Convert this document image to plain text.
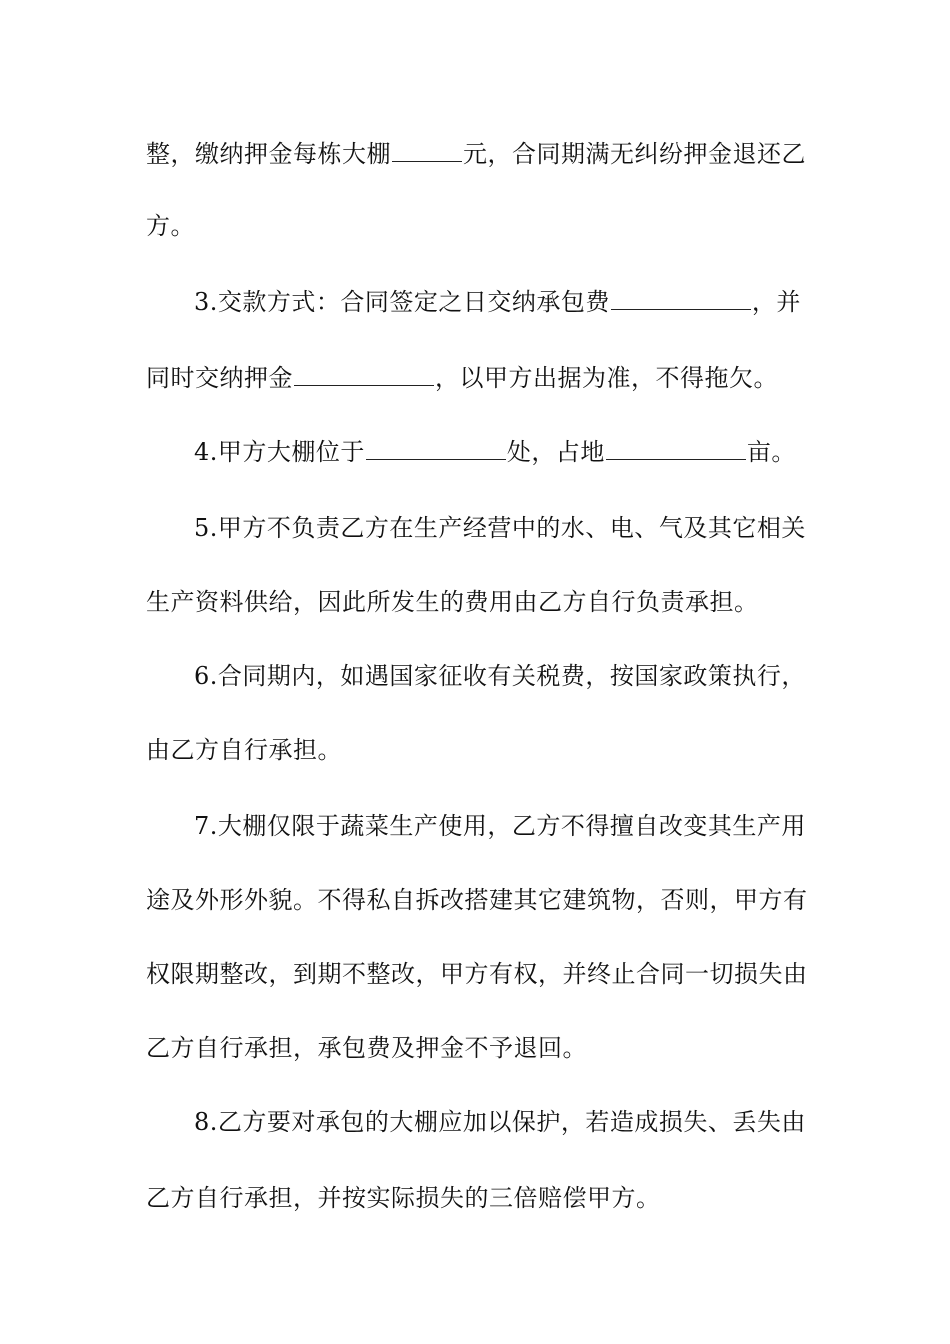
整，缴纳押金每栋大棚	元，合同期满无纠纷押金退还乙
方。
3.交款方式：合同签定之日交纳承包费	，并
同时交纳押金	，以甲方出据为准，不得拖欠。
4.甲方大棚位于	处，占地	亩。
5.甲方不负责乙方在生产经营中的水、电、气及其它相关
生产资料供给，因此所发生的费用由乙方自行负责承担。
6.合同期内，如遇国家征收有关税费，按国家政策执行，
由乙方自行承担。
7.大棚仅限于蔬菜生产使用，乙方不得擅自改变其生产用
途及外形外貌。不得私自拆改搭建其它建筑物，否则，甲方有
权限期整改，到期不整改，甲方有权，并终止合同一切损失由
乙方自行承担，承包费及押金不予退回。
8.乙方要对承包的大棚应加以保护，若造成损失、丢失由
乙方自行承担，并按实际损失的三倍赔偿甲方。
